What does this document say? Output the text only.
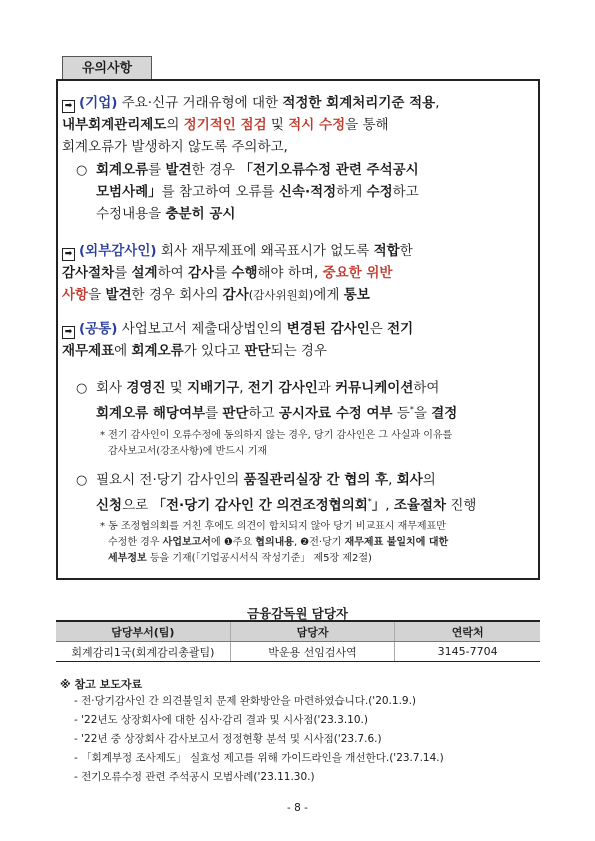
유의사항
➡ (기업) 주요·신규 거래유형에 대한 적정한 회계처리기준 적용,
내부회계관리제도의 정기적인 점검 및 적시 수정을 통해
회계오류가 발생하지 않도록 주의하고,
○ 회계오류를 발견한 경우 「전기오류수정 관련 주석공시
모범사례」를 참고하여 오류를 신속·적정하게 수정하고
수정내용을 충분히 공시
➡ (외부감사인) 회사 재무제표에 왜곡표시가 없도록 적합한
감사절차를 설계하여 감사를 수행해야 하며, 중요한 위반
사항을 발견한 경우 회사의 감사(감사위원회)에게 통보
➡ (공통) 사업보고서 제출대상법인의 변경된 감사인은 전기
재무제표에 회계오류가 있다고 판단되는 경우
○ 회사 경영진 및 지배기구, 전기 감사인과 커뮤니케이션하여
회계오류 해당여부를 판단하고 공시자료 수정 여부 등*을 결정
* 전기 감사인이 오류수정에 동의하지 않는 경우, 당기 감사인은 그 사실과 이유를
감사보고서(강조사항)에 반드시 기재
○ 필요시 전·당기 감사인의 품질관리실장 간 협의 후, 회사의
신청으로 「전·당기 감사인 간 의견조정협의회*」, 조율절차 진행
* 동 조정협의회를 거친 후에도 의견이 합치되지 않아 당기 비교표시 재무제표만
수정한 경우 사업보고서에 ❶주요 협의내용, ❷전·당기 재무제표 불일치에 대한
세부정보 등을 기재(「기업공시서식 작성기준」 제5장 제2절)
금융감독원 담당자
담당부서(팀)	담당자	연락처
회계감리1국(회계감리총괄팀)	박운용 선임검사역	3145-7704
※ 참고 보도자료
- 전·당기감사인 간 의견불일치 문제 완화방안을 마련하였습니다.('20.1.9.)
- '22년도 상장회사에 대한 심사·감리 결과 및 시사점('23.3.10.)
- '22년 중 상장회사 감사보고서 정정현황 분석 및 시사점('23.7.6.)
- 「회계부정 조사제도」 실효성 제고를 위해 가이드라인을 개선한다.('23.7.14.)
- 전기오류수정 관련 주석공시 모범사례('23.11.30.)
- 8 -
